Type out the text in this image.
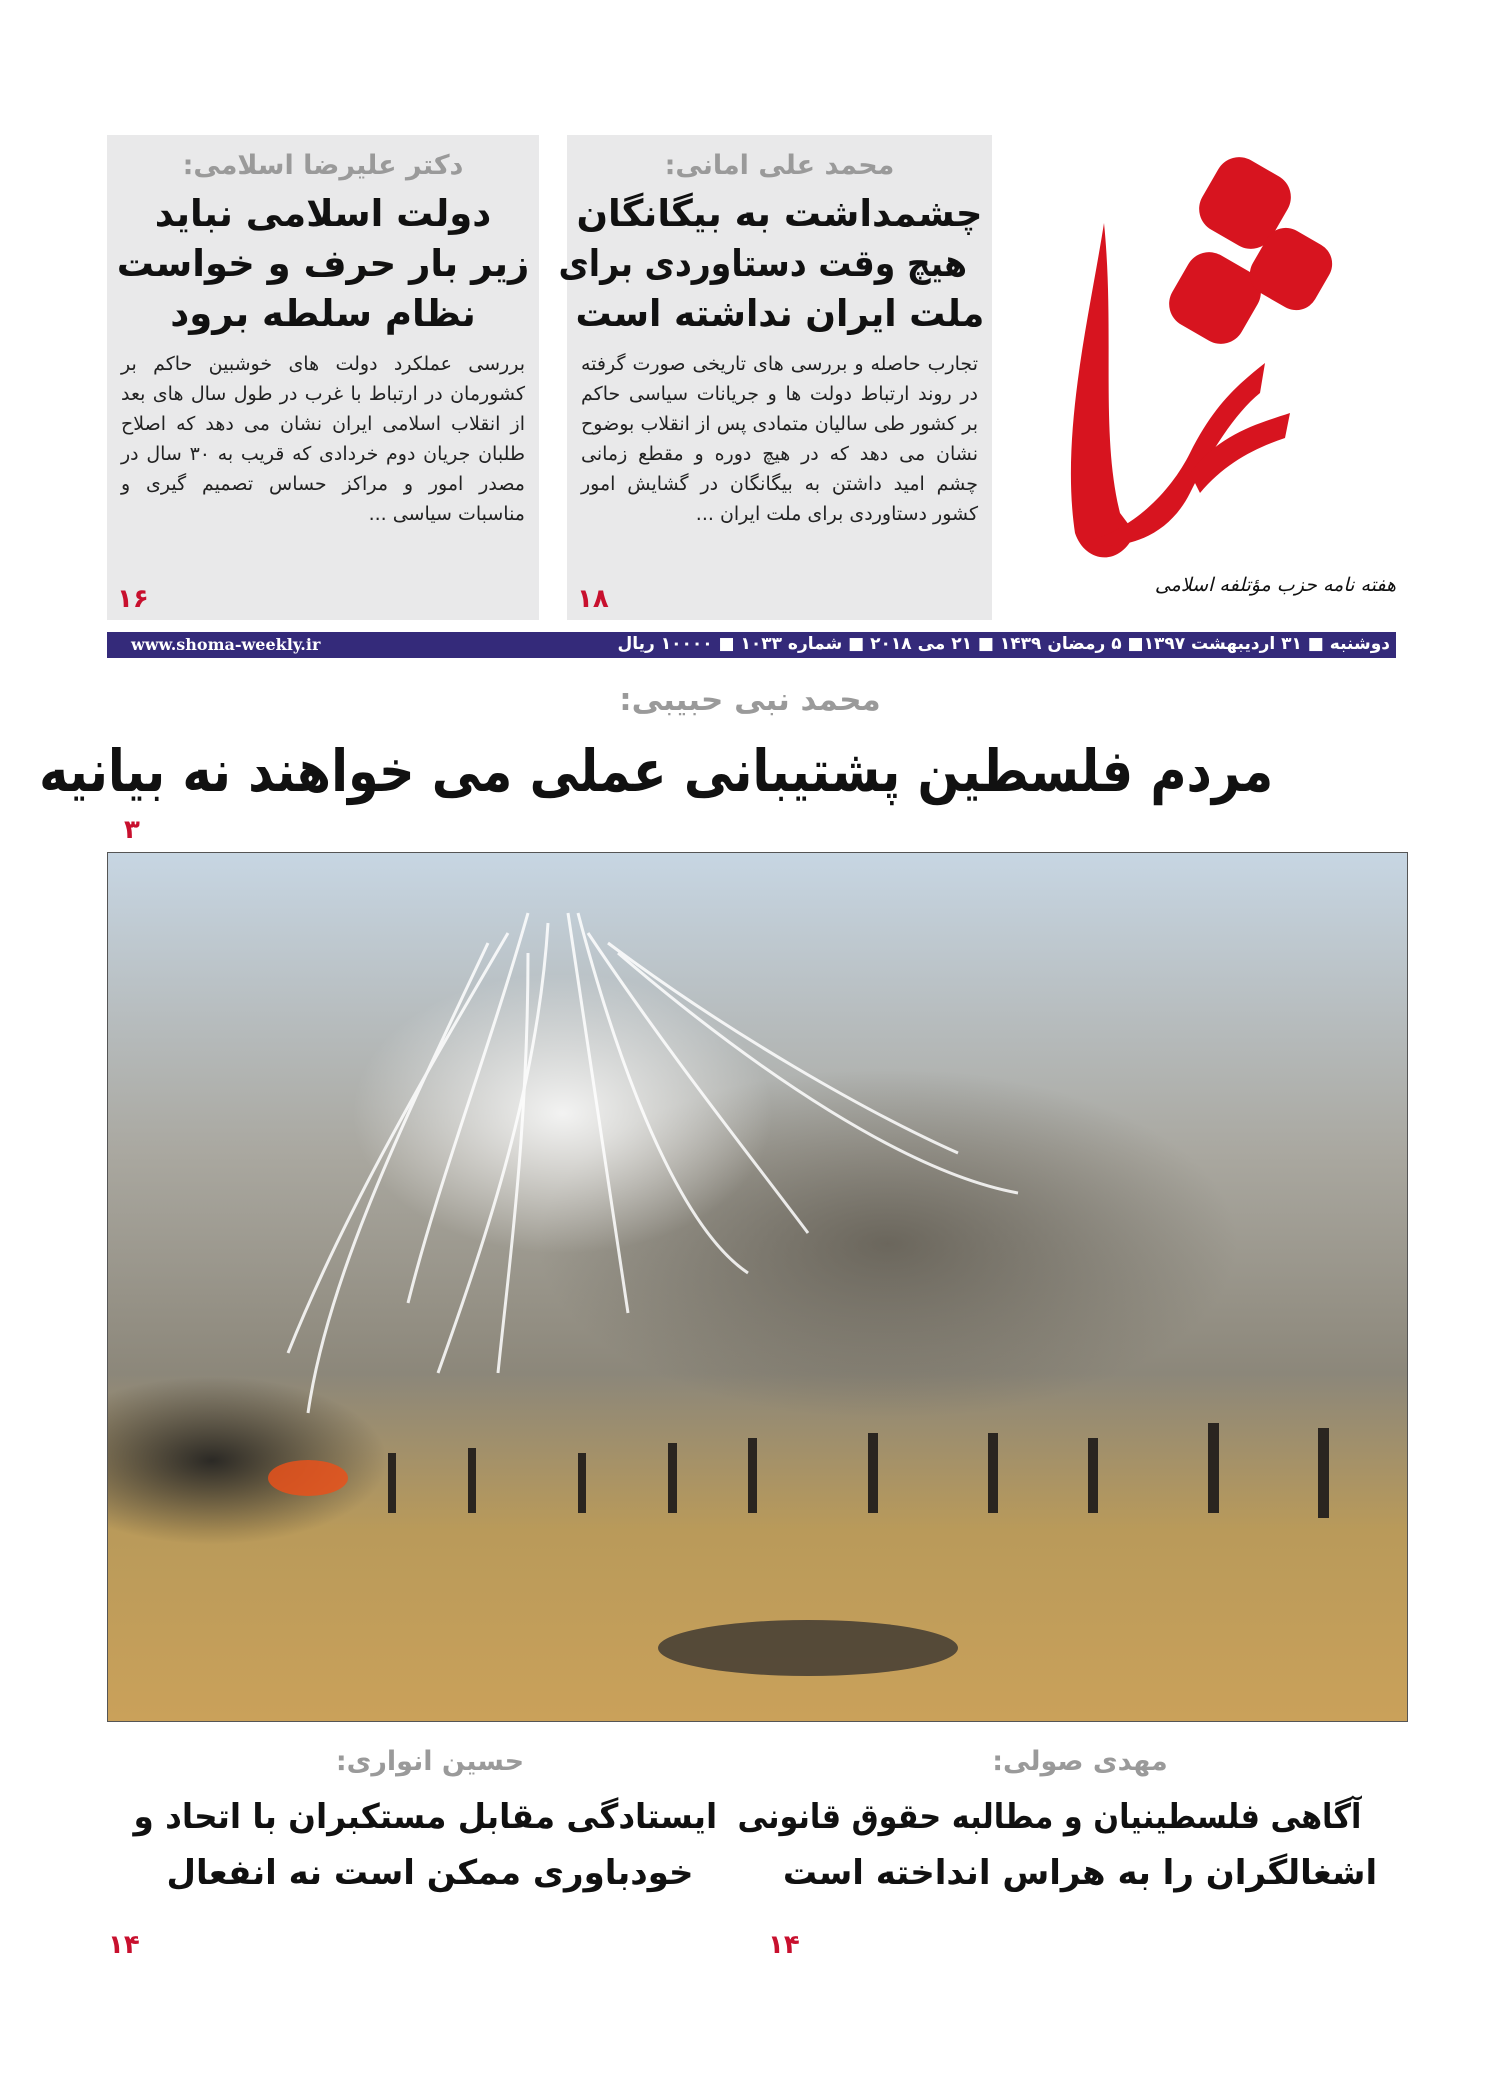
محمد علی امانی:
چشمداشت به بیگانگان
هیچ وقت دستاوردی برای
ملت ایران نداشته است
تجارب حاصله و بررسی های تاریخی صورت گرفته در روند ارتباط دولت ها و جریانات سیاسی حاکم بر کشور طی سالیان متمادی پس از انقلاب بوضوح نشان می دهد که در هیچ دوره و مقطع زمانی چشم امید داشتن به بیگانگان در گشایش امور کشور دستاوردی برای ملت ایران ...
۱۸
دکتر علیرضا اسلامی:
دولت اسلامی نباید
زیر بار حرف و خواست
نظام سلطه برود
بررسی عملکرد دولت های خوشبین حاکم بر کشورمان در ارتباط با غرب در طول سال های بعد از انقلاب اسلامی ایران نشان می دهد که اصلاح طلبان جریان دوم خردادی که قریب به ۳۰ سال در مصدر امور و مراکز حساس تصمیم گیری و مناسبات سیاسی ...
۱۶	هفته نامه حزب مؤتلفه اسلامی
www.shoma-weekly.ir	دوشنبه ■ ۳۱ اردیبهشت ۱۳۹۷■ ۵ رمضان ۱۴۳۹ ■ ۲۱ می ۲۰۱۸ ■ شماره ۱۰۳۳ ■ ۱۰۰۰۰ ریال
محمد نبی حبیبی:
مردم فلسطین پشتیبانی عملی می خواهند نه بیانیه
۳
مهدی صولی:
آگاهی فلسطینیان و مطالبه حقوق قانونی
اشغالگران را به هراس انداخته است
۱۴
حسین انواری:
ایستادگی مقابل مستکبران با اتحاد و
خودباوری ممکن است نه انفعال
۱۴
